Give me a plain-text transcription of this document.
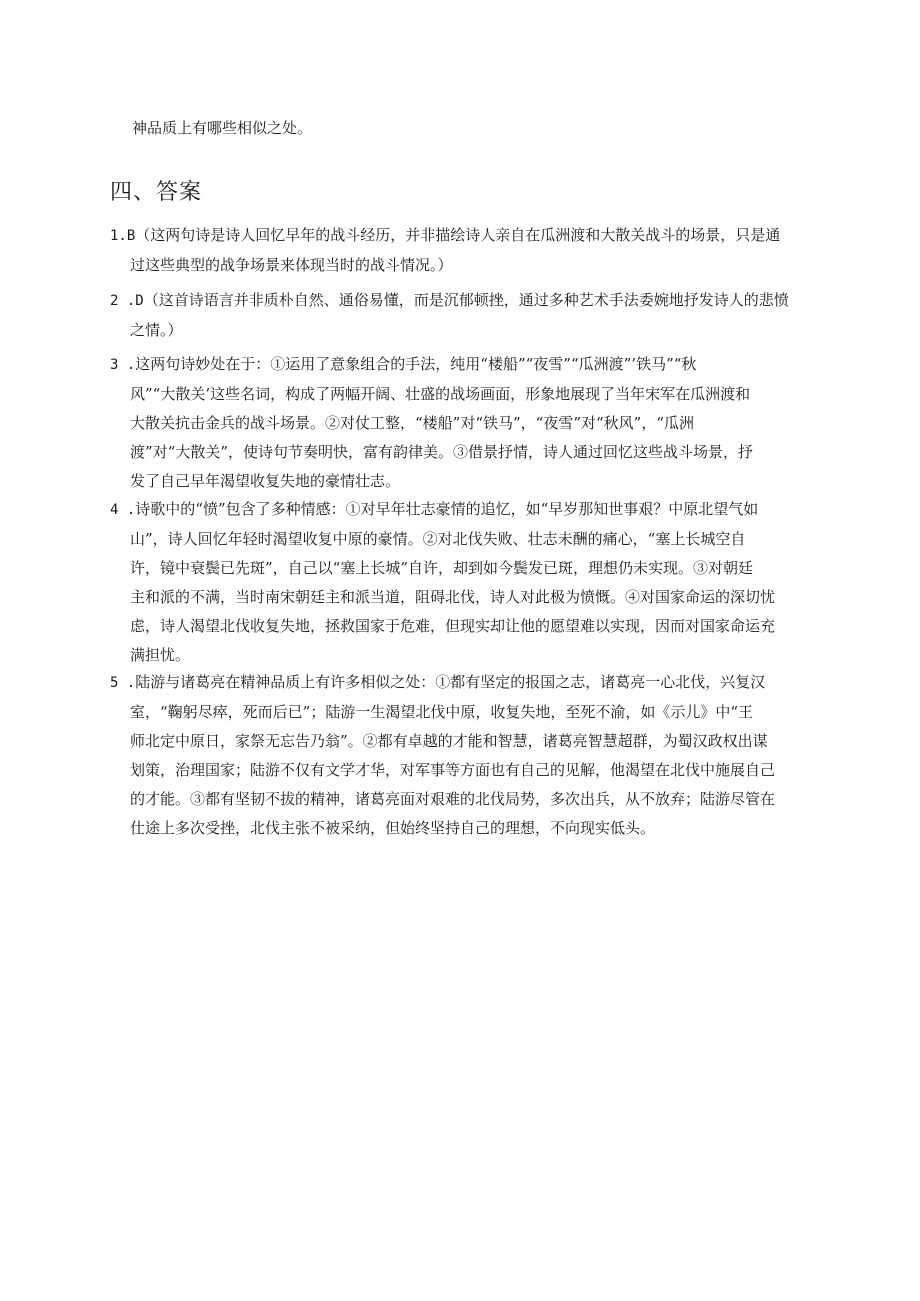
神品质上有哪些相似之处。
四、答案
1.B（这两句诗是诗人回忆早年的战斗经历，并非描绘诗人亲自在瓜洲渡和大散关战斗的场景，只是通
过这些典型的战争场景来体现当时的战斗情况。）
2 .D（这首诗语言并非质朴自然、通俗易懂，而是沉郁顿挫，通过多种艺术手法委婉地抒发诗人的悲愤
之情。）
3 .这两句诗妙处在于：①运用了意象组合的手法，纯用“楼船”“夜雪”“瓜洲渡”’铁马”“秋
风”“大散关’这些名词，构成了两幅开阔、壮盛的战场画面，形象地展现了当年宋军在瓜洲渡和
大散关抗击金兵的战斗场景。②对仗工整，“楼船”对“铁马”，“夜雪”对“秋风”，“瓜洲
渡”对“大散关”，使诗句节奏明快，富有韵律美。③借景抒情，诗人通过回忆这些战斗场景，抒
发了自己早年渴望收复失地的豪情壮志。
4 .诗歌中的“愤”包含了多种情感：①对早年壮志豪情的追忆，如“早岁那知世事艰？中原北望气如
山”，诗人回忆年轻时渴望收复中原的豪情。②对北伐失败、壮志未酬的痛心，“塞上长城空自
许，镜中衰鬓已先斑”，自己以“塞上长城”自许，却到如今鬓发已斑，理想仍未实现。③对朝廷
主和派的不满，当时南宋朝廷主和派当道，阻碍北伐，诗人对此极为愤慨。④对国家命运的深切忧
虑，诗人渴望北伐收复失地，拯救国家于危难，但现实却让他的愿望难以实现，因而对国家命运充
满担忧。
5 .陆游与诸葛亮在精神品质上有许多相似之处：①都有坚定的报国之志，诸葛亮一心北伐，兴复汉
室，“鞠躬尽瘁，死而后已”；陆游一生渴望北伐中原，收复失地，至死不渝，如《示儿》中“王
师北定中原日，家祭无忘告乃翁”。②都有卓越的才能和智慧，诸葛亮智慧超群，为蜀汉政权出谋
划策，治理国家；陆游不仅有文学才华，对军事等方面也有自己的见解，他渴望在北伐中施展自己
的才能。③都有坚韧不拔的精神，诸葛亮面对艰难的北伐局势，多次出兵，从不放弃；陆游尽管在
仕途上多次受挫，北伐主张不被采纳，但始终坚持自己的理想，不向现实低头。
